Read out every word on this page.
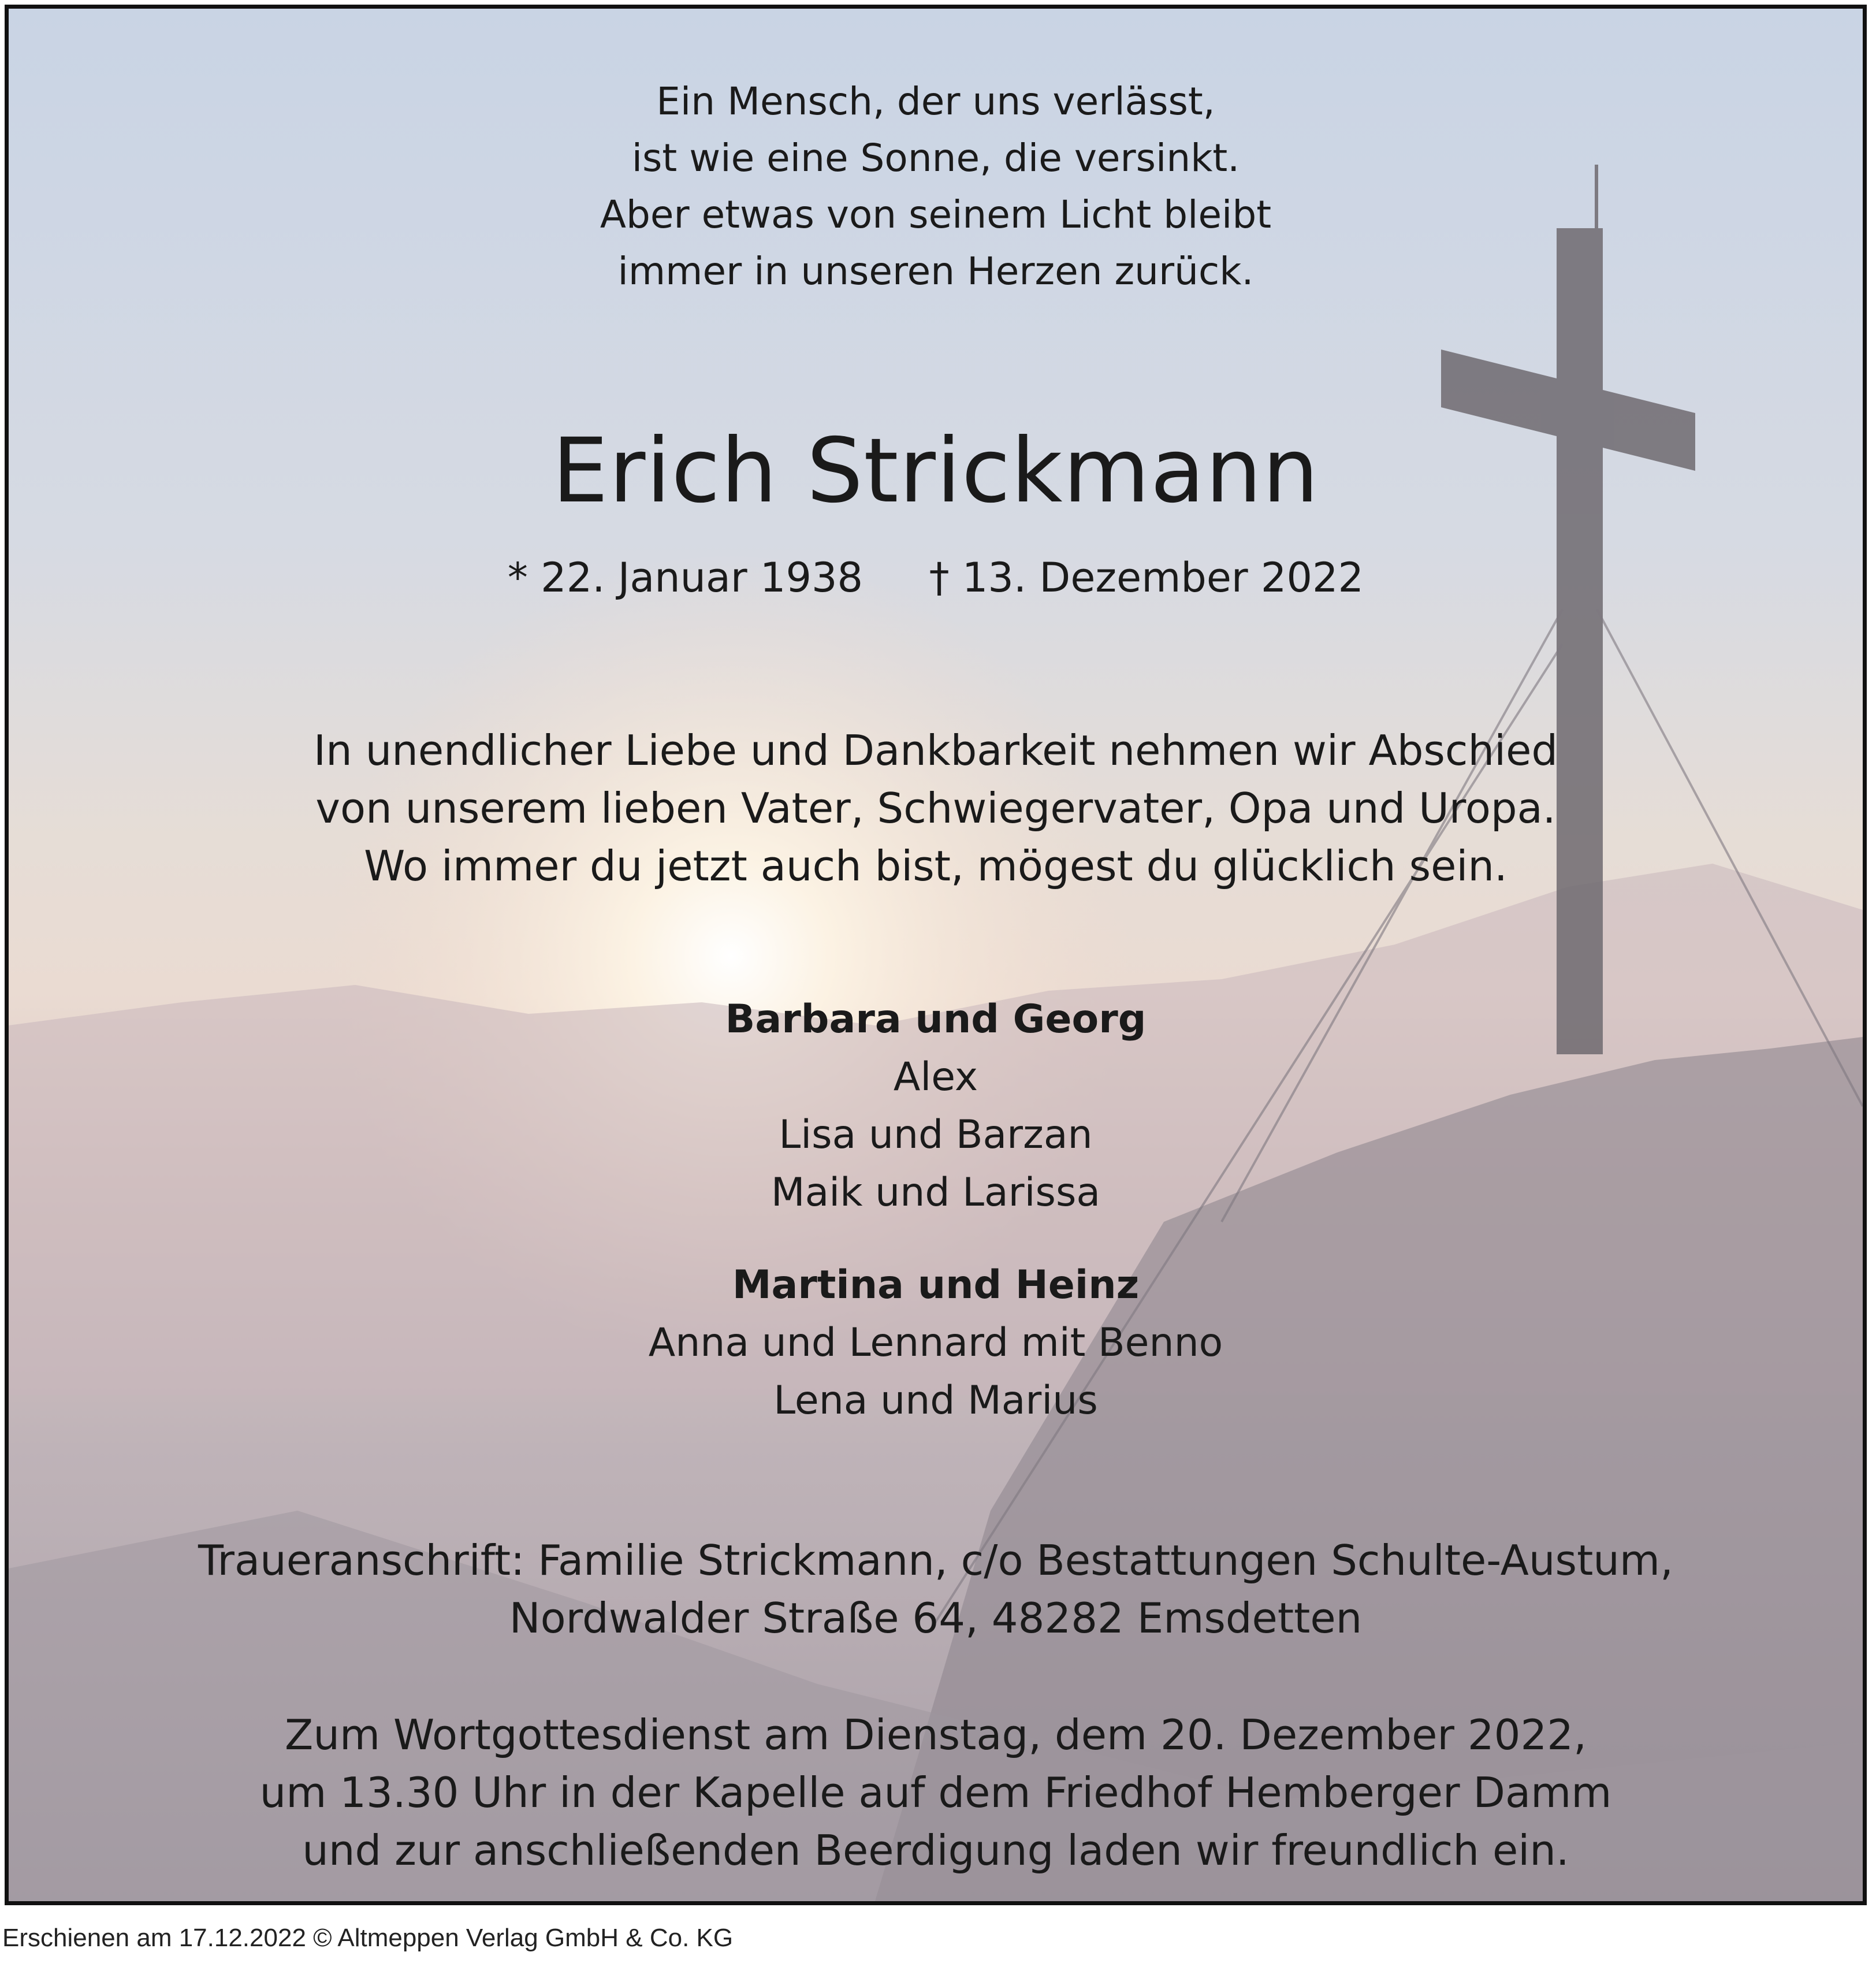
Ein Mensch, der uns verlässt,
ist wie eine Sonne, die versinkt.
Aber etwas von seinem Licht bleibt
immer in unseren Herzen zurück.
Erich Strickmann
* 22. Januar 1938 † 13. Dezember 2022
In unendlicher Liebe und Dankbarkeit nehmen wir Abschied
von unserem lieben Vater, Schwiegervater, Opa und Uropa.
Wo immer du jetzt auch bist, mögest du glücklich sein.
Barbara und Georg
Alex
Lisa und Barzan
Maik und Larissa
Martina und Heinz
Anna und Lennard mit Benno
Lena und Marius
Traueranschrift: Familie Strickmann, c/o Bestattungen Schulte-Austum,
Nordwalder Straße 64, 48282 Emsdetten
Zum Wortgottesdienst am Dienstag, dem 20. Dezember 2022,
um 13.30 Uhr in der Kapelle auf dem Friedhof Hemberger Damm
und zur anschließenden Beerdigung laden wir freundlich ein.
Erschienen am 17.12.2022 © Altmeppen Verlag GmbH & Co. KG
